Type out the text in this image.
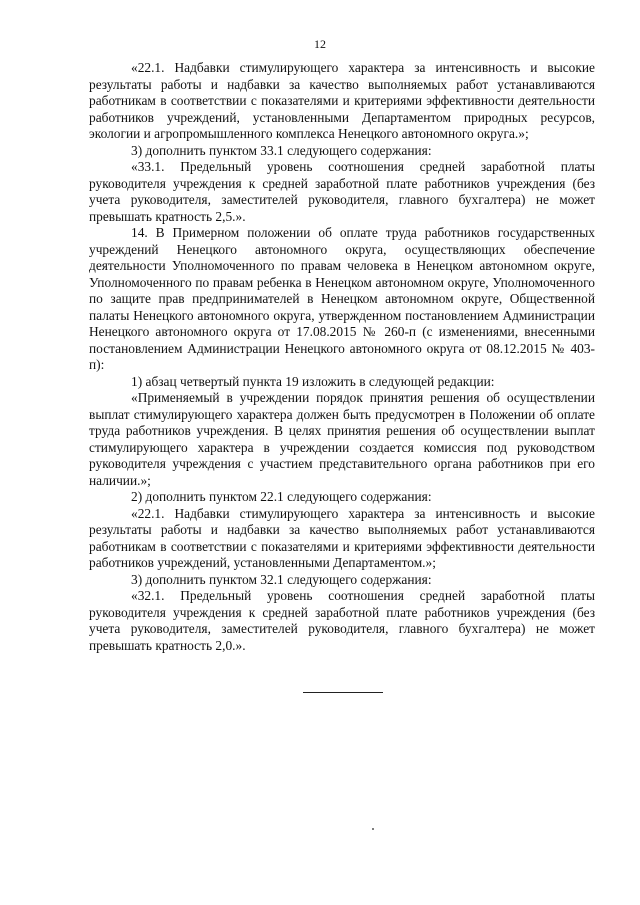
12

«22.1. Надбавки стимулирующего характера за интенсивность и высокие результаты работы и надбавки за качество выполняемых работ устанавливаются работникам в соответствии с показателями и критериями эффективности деятельности работников учреждений, установленными Департаментом природных ресурсов, экологии и агропромышленного комплекса Ненецкого автономного округа.»;

3) дополнить пунктом 33.1 следующего содержания:

«33.1. Предельный уровень соотношения средней заработной платы руководителя учреждения к средней заработной плате работников учреждения (без учета руководителя, заместителей руководителя, главного бухгалтера) не может превышать кратность 2,5.».

14. В Примерном положении об оплате труда работников государственных учреждений Ненецкого автономного округа, осуществляющих обеспечение деятельности Уполномоченного по правам человека в Ненецком автономном округе, Уполномоченного по правам ребенка в Ненецком автономном округе, Уполномоченного по защите прав предпринимателей в Ненецком автономном округе, Общественной палаты Ненецкого автономного округа, утвержденном постановлением Администрации Ненецкого автономного округа от 17.08.2015 № 260-п (с изменениями, внесенными постановлением Администрации Ненецкого автономного округа от 08.12.2015 № 403-п):

1) абзац четвертый пункта 19 изложить в следующей редакции:

«Применяемый в учреждении порядок принятия решения об осуществлении выплат стимулирующего характера должен быть предусмотрен в Положении об оплате труда работников учреждения. В целях принятия решения об осуществлении выплат стимулирующего характера в учреждении создается комиссия под руководством руководителя учреждения с участием представительного органа работников при его наличии.»;

2) дополнить пунктом 22.1 следующего содержания:

«22.1. Надбавки стимулирующего характера за интенсивность и высокие результаты работы и надбавки за качество выполняемых работ устанавливаются работникам в соответствии с показателями и критериями эффективности деятельности работников учреждений, установленными Департаментом.»;

3) дополнить пунктом 32.1 следующего содержания:

«32.1. Предельный уровень соотношения средней заработной платы руководителя учреждения к средней заработной плате работников учреждения (без учета руководителя, заместителей руководителя, главного бухгалтера) не может превышать кратность 2,0.».
